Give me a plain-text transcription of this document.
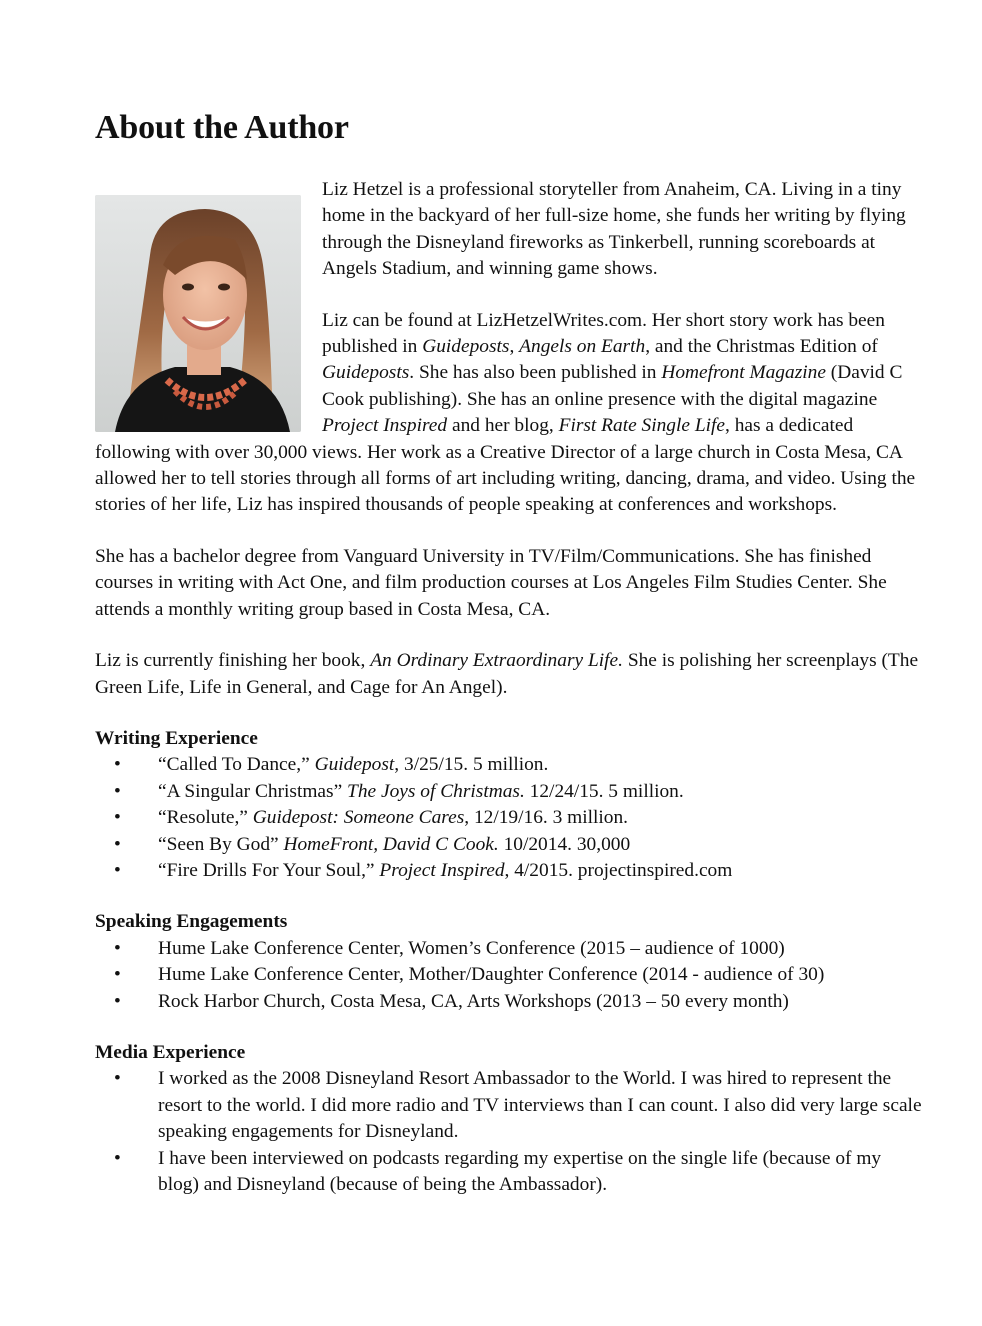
About the Author

Liz Hetzel is a professional storyteller from Anaheim, CA. Living in a tiny home in the backyard of her full-size home, she funds her writing by flying through the Disneyland fireworks as Tinkerbell, running scoreboards at Angels Stadium, and winning game shows.

Liz can be found at LizHetzelWrites.com. Her short story work has been published in Guideposts, Angels on Earth, and the Christmas Edition of Guideposts. She has also been published in Homefront Magazine (David C Cook publishing). She has an online presence with the digital magazine Project Inspired and her blog, First Rate Single Life, has a dedicated following with over 30,000 views. Her work as a Creative Director of a large church in Costa Mesa, CA allowed her to tell stories through all forms of art including writing, dancing, drama, and video. Using the stories of her life, Liz has inspired thousands of people speaking at conferences and workshops.

She has a bachelor degree from Vanguard University in TV/Film/Communications. She has finished courses in writing with Act One, and film production courses at Los Angeles Film Studies Center. She attends a monthly writing group based in Costa Mesa, CA.

Liz is currently finishing her book, An Ordinary Extraordinary Life. She is polishing her screenplays (The Green Life, Life in General, and Cage for An Angel).

Writing Experience
• “Called To Dance,” Guidepost, 3/25/15. 5 million.
• “A Singular Christmas” The Joys of Christmas. 12/24/15. 5 million.
• “Resolute,” Guidepost: Someone Cares, 12/19/16. 3 million.
• “Seen By God” HomeFront, David C Cook. 10/2014. 30,000
• “Fire Drills For Your Soul,” Project Inspired, 4/2015. projectinspired.com
Speaking Engagements
• Hume Lake Conference Center, Women’s Conference (2015 – audience of 1000)
• Hume Lake Conference Center, Mother/Daughter Conference (2014 - audience of 30)
• Rock Harbor Church, Costa Mesa, CA, Arts Workshops (2013 – 50 every month)
Media Experience
• I worked as the 2008 Disneyland Resort Ambassador to the World. I was hired to represent the resort to the world. I did more radio and TV interviews than I can count. I also did very large scale speaking engagements for Disneyland.
• I have been interviewed on podcasts regarding my expertise on the single life (because of my blog) and Disneyland (because of being the Ambassador).
